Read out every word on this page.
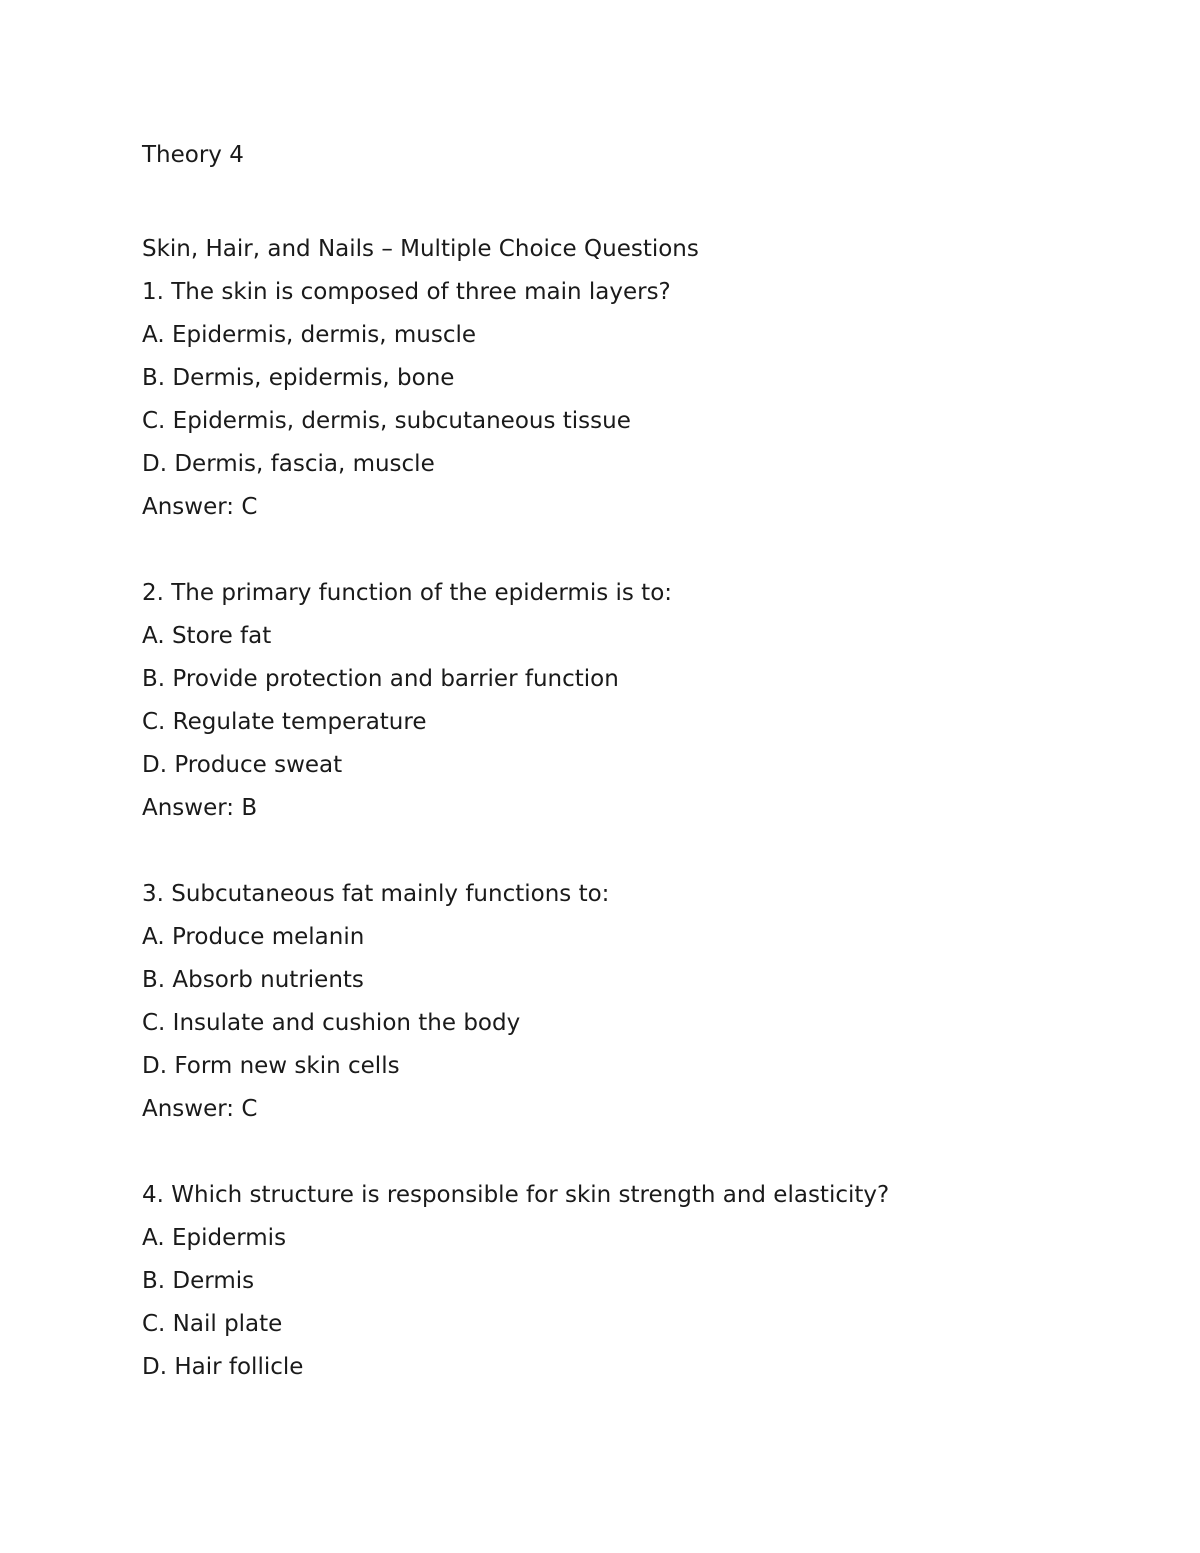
Theory 4

Skin, Hair, and Nails – Multiple Choice Questions

1. The skin is composed of three main layers?

A. Epidermis, dermis, muscle

B. Dermis, epidermis, bone

C. Epidermis, dermis, subcutaneous tissue

D. Dermis, fascia, muscle

Answer: C

2. The primary function of the epidermis is to:

A. Store fat

B. Provide protection and barrier function

C. Regulate temperature

D. Produce sweat

Answer: B

3. Subcutaneous fat mainly functions to:

A. Produce melanin

B. Absorb nutrients

C. Insulate and cushion the body

D. Form new skin cells

Answer: C

4. Which structure is responsible for skin strength and elasticity?

A. Epidermis

B. Dermis

C. Nail plate

D. Hair follicle
